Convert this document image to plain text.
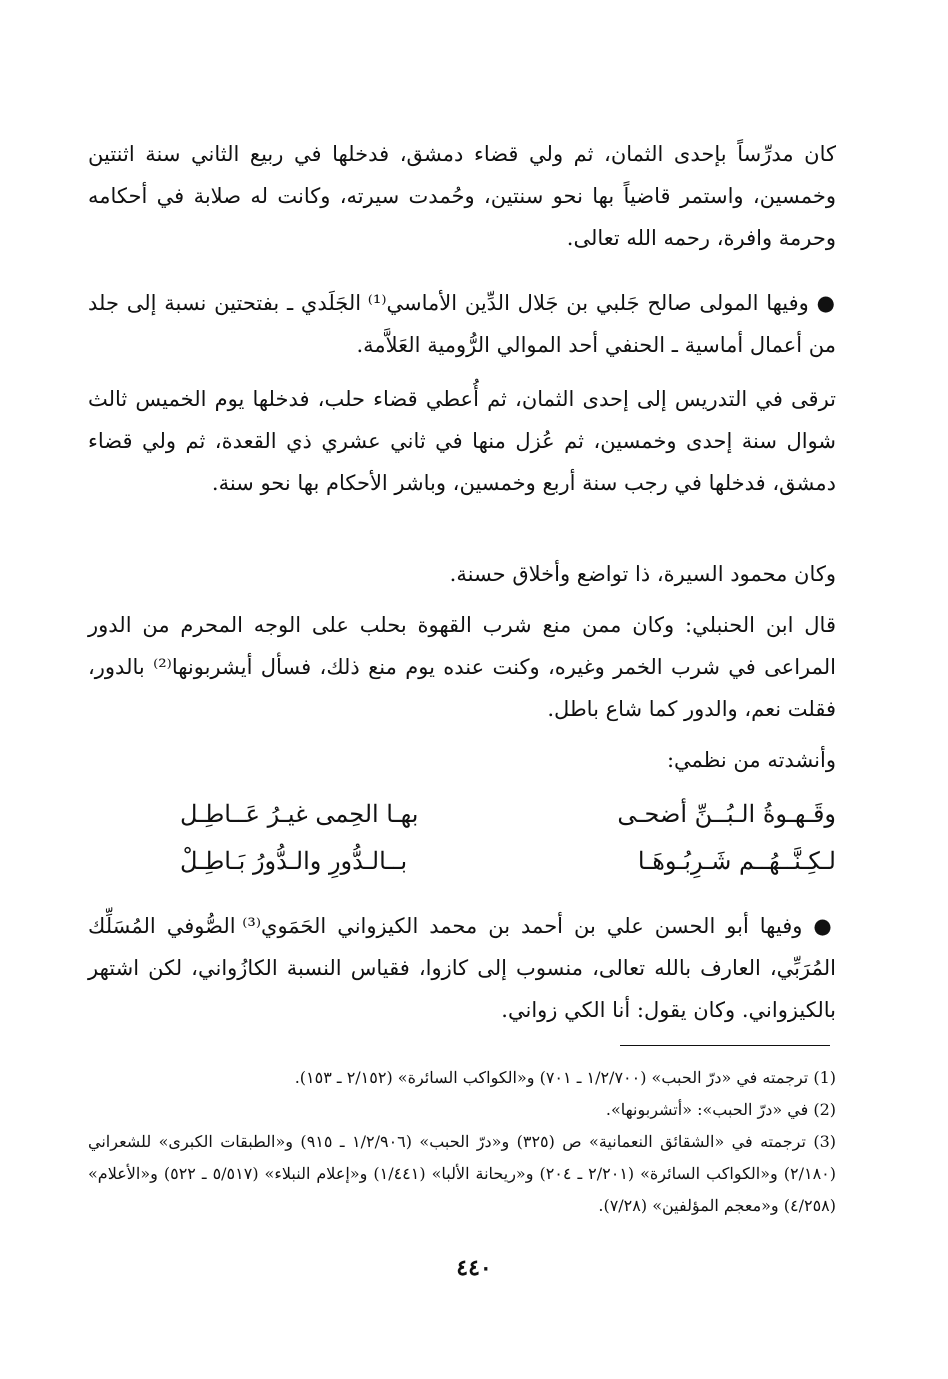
كان مدرِّساً بإحدى الثمان، ثم ولي قضاء دمشق، فدخلها في ربيع الثاني سنة اثنتين وخمسين، واستمر قاضياً بها نحو سنتين، وحُمدت سيرته، وكانت له صلابة في أحكامه وحرمة وافرة، رحمه الله تعالى.
● وفيها المولى صالح جَلبي بن جَلال الدِّين الأماسي⁽¹⁾ الجَلَدي ـ بفتحتين نسبة إلى جلد من أعمال أماسية ـ الحنفي أحد الموالي الرُّومية العَلاَّمة.
ترقى في التدريس إلى إحدى الثمان، ثم أُعطي قضاء حلب، فدخلها يوم الخميس ثالث شوال سنة إحدى وخمسين، ثم عُزل منها في ثاني عشري ذي القعدة، ثم ولي قضاء دمشق، فدخلها في رجب سنة أربع وخمسين، وباشر الأحكام بها نحو سنة.
وكان محمود السيرة، ذا تواضع وأخلاق حسنة.
قال ابن الحنبلي: وكان ممن منع شرب القهوة بحلب على الوجه المحرم من الدور المراعى في شرب الخمر وغيره، وكنت عنده يوم منع ذلك، فسأل أيشربونها⁽²⁾ بالدور، فقلت نعم، والدور كما شاع باطل.
وأنشدته من نظمي:
وقَـهـوةُ الـبُــنِّ أضحـى
بهـا الحِمى غيـرُ عَــاطِـل
لـكِـنَّــهُــم شَـرِبُـوهَـا
بــالـدُّورِ والـدُّورُ بَـاطِـلْ
● وفيها أبو الحسن علي بن أحمد بن محمد الكيزواني الحَمَوي⁽³⁾ الصُّوفي المُسَلِّك المُرَبِّي، العارف بالله تعالى، منسوب إلى كازوا، فقياس النسبة الكازُواني، لكن اشتهر بالكيزواني. وكان يقول: أنا الكي زواني.
(1) ترجمته في «درّ الحبب» (١/٢/٧٠٠ ـ ٧٠١) و«الكواكب السائرة» (٢/١٥٢ ـ ١٥٣).
(2) في «درّ الحبب»: «أتشربونها».
(3) ترجمته في «الشقائق النعمانية» ص (٣٢٥) و«درّ الحبب» (١/٢/٩٠٦ ـ ٩١٥) و«الطبقات الكبرى» للشعراني (٢/١٨٠) و«الكواكب السائرة» (٢/٢٠١ ـ ٢٠٤) و«ريحانة الألبا» (١/٤٤١) و«إعلام النبلاء» (٥/٥١٧ ـ ٥٢٢) و«الأعلام» (٤/٢٥٨) و«معجم المؤلفين» (٧/٢٨).
٤٤٠
